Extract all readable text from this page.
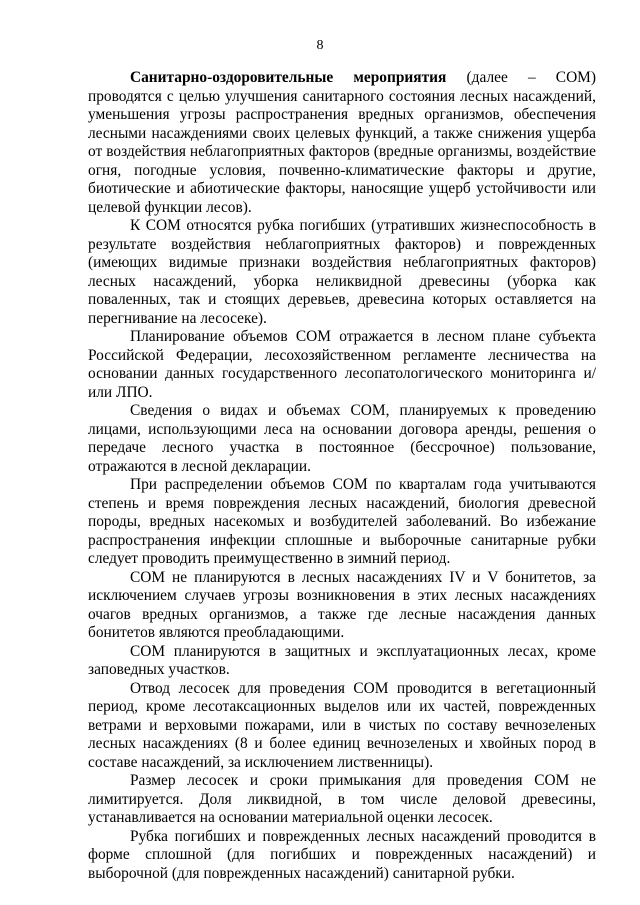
8

Санитарно-оздоровительные мероприятия (далее – СОМ) проводятся с целью улучшения санитарного состояния лесных насаждений, уменьшения угрозы распространения вредных организмов, обеспечения лесными насаждениями своих целевых функций, а также снижения ущерба от воздействия неблагоприятных факторов (вредные организмы, воздействие огня, погодные условия, почвенно-климатические факторы и другие, биотические и абиотические факторы, наносящие ущерб устойчивости или целевой функции лесов).

К СОМ относятся рубка погибших (утративших жизнеспособность в результате воздействия неблагоприятных факторов) и поврежденных (имеющих видимые признаки воздействия неблагоприятных факторов) лесных насаждений, уборка неликвидной древесины (уборка как поваленных, так и стоящих деревьев, древесина которых оставляется на перегнивание на лесосеке).

Планирование объемов СОМ отражается в лесном плане субъекта Российской Федерации, лесохозяйственном регламенте лесничества на основании данных государственного лесопатологического мониторинга и/или ЛПО.

Сведения о видах и объемах СОМ, планируемых к проведению лицами, использующими леса на основании договора аренды, решения о передаче лесного участка в постоянное (бессрочное) пользование, отражаются в лесной декларации.

При распределении объемов СОМ по кварталам года учитываются степень и время повреждения лесных насаждений, биология древесной породы, вредных насекомых и возбудителей заболеваний. Во избежание распространения инфекции сплошные и выборочные санитарные рубки следует проводить преимущественно в зимний период.

СОМ не планируются в лесных насаждениях IV и V бонитетов, за исключением случаев угрозы возникновения в этих лесных насаждениях очагов вредных организмов, а также где лесные насаждения данных бонитетов являются преобладающими.

СОМ планируются в защитных и эксплуатационных лесах, кроме заповедных участков.

Отвод лесосек для проведения СОМ проводится в вегетационный период, кроме лесотаксационных выделов или их частей, поврежденных ветрами и верховыми пожарами, или в чистых по составу вечнозеленых лесных насаждениях (8 и более единиц вечнозеленых и хвойных пород в составе насаждений, за исключением лиственницы).

Размер лесосек и сроки примыкания для проведения СОМ не лимитируется. Доля ликвидной, в том числе деловой древесины, устанавливается на основании материальной оценки лесосек.

Рубка погибших и поврежденных лесных насаждений проводится в форме сплошной (для погибших и поврежденных насаждений) и выборочной (для поврежденных насаждений) санитарной рубки.
